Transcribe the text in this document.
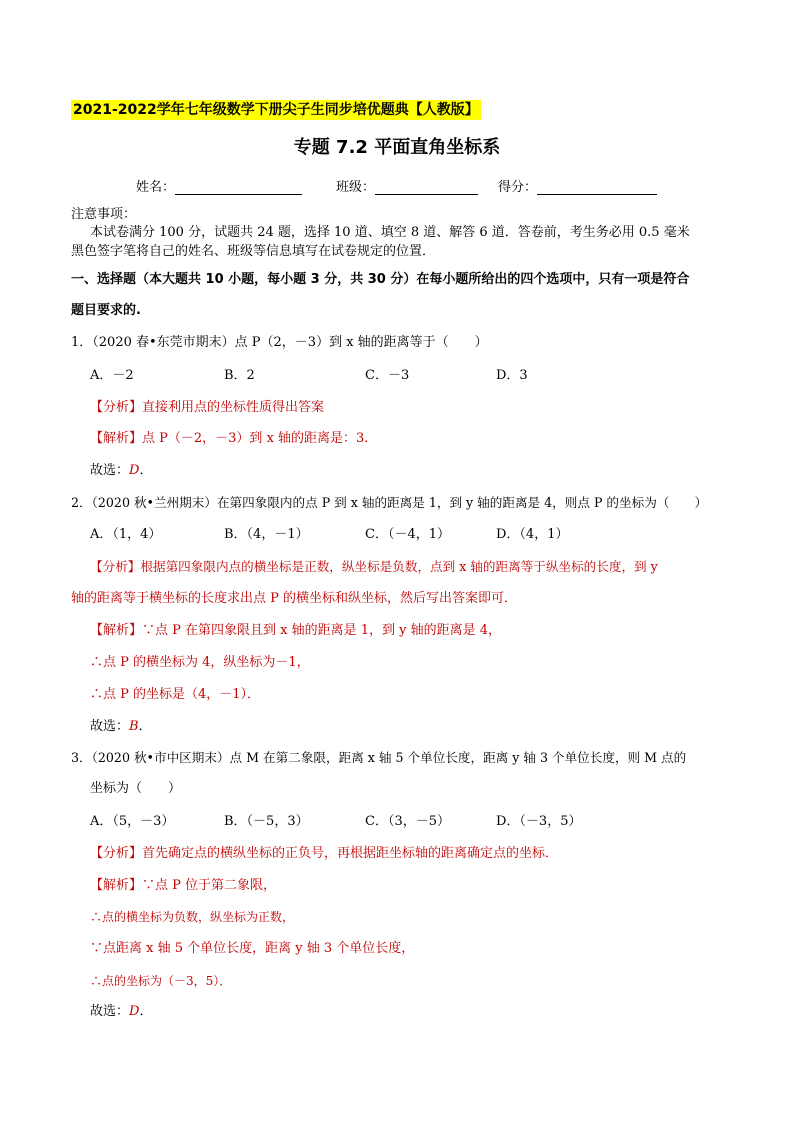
2021-2022学年七年级数学下册尖子生同步培优题典【人教版】
专题 7.2 平面直角坐标系
姓名：	班级：	得分：
注意事项：
本试卷满分 100 分，试题共 24 题，选择 10 道、填空 8 道、解答 6 道．答卷前，考生务必用 0.5 毫米
黑色签字笔将自己的姓名、班级等信息填写在试卷规定的位置．
一、选择题（本大题共 10 小题，每小题 3 分，共 30 分）在每小题所给出的四个选项中，只有一项是符合
题目要求的.
1．（2020 春•东莞市期末）点 P（2，－3）到 x 轴的距离等于（　　）
A．－2	B．2	C．－3	D．3
【分析】直接利用点的坐标性质得出答案
【解析】点 P（－2，－3）到 x 轴的距离是：3．
故选：D．
2．（2020 秋•兰州期末）在第四象限内的点 P 到 x 轴的距离是 1，到 y 轴的距离是 4，则点 P 的坐标为（　　）
A．（1，4）	B．（4，－1）	C．（－4，1）	D．（4，1）
【分析】根据第四象限内点的横坐标是正数，纵坐标是负数，点到 x 轴的距离等于纵坐标的长度，到 y
轴的距离等于横坐标的长度求出点 P 的横坐标和纵坐标，然后写出答案即可．
【解析】∵点 P 在第四象限且到 x 轴的距离是 1，到 y 轴的距离是 4，
∴点 P 的横坐标为 4，纵坐标为－1，
∴点 P 的坐标是（4，－1）．
故选：B．
3．（2020 秋•市中区期末）点 M 在第二象限，距离 x 轴 5 个单位长度，距离 y 轴 3 个单位长度，则 M 点的
坐标为（　　）
A．（5，－3）	B．（－5，3）	C．（3，－5）	D．（－3，5）
【分析】首先确定点的横纵坐标的正负号，再根据距坐标轴的距离确定点的坐标．
【解析】∵点 P 位于第二象限，
∴点的横坐标为负数，纵坐标为正数，
∵点距离 x 轴 5 个单位长度，距离 y 轴 3 个单位长度，
∴点的坐标为（－3，5）．
故选：D．
